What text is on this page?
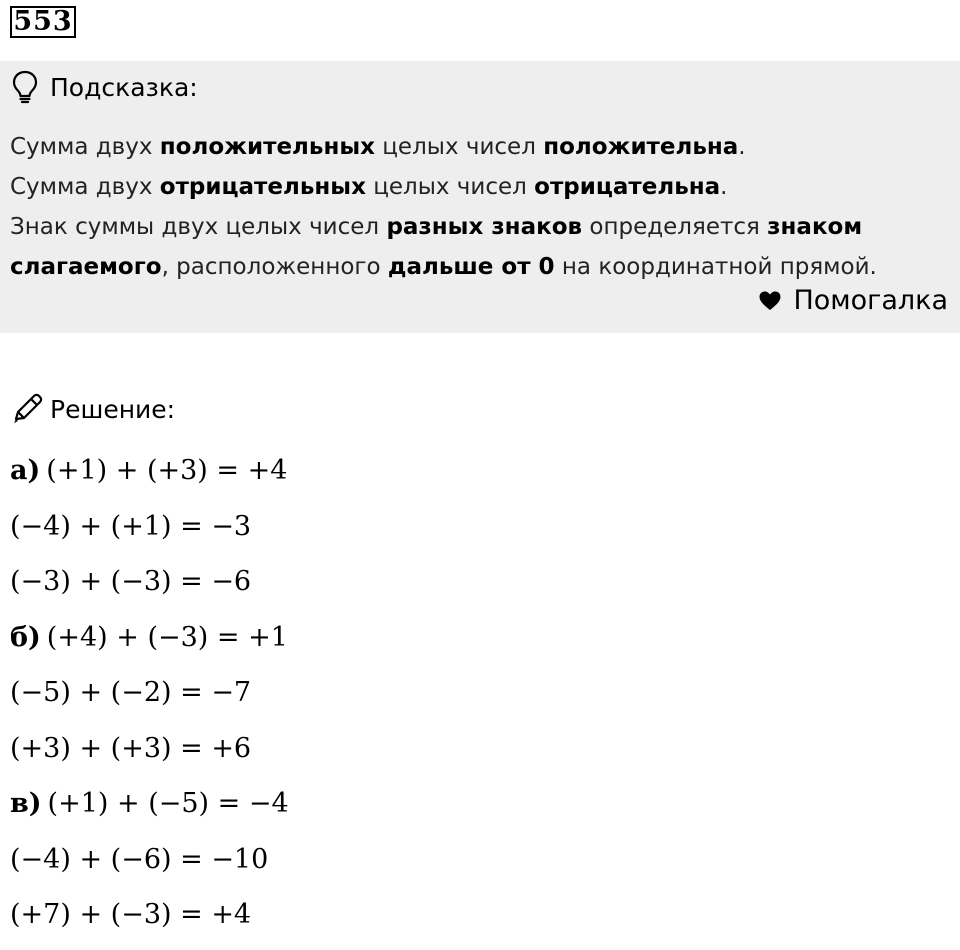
553
Подсказка:
Сумма двух положительных целых чисел положительна.
Сумма двух отрицательных целых чисел отрицательна.
Знак суммы двух целых чисел разных знаков определяется знаком
слагаемого, расположенного дальше от 0 на координатной прямой.
Помогалка
Решение:
а) (+1) + (+3) = +4
(−4) + (+1) = −3
(−3) + (−3) = −6
б) (+4) + (−3) = +1
(−5) + (−2) = −7
(+3) + (+3) = +6
в) (+1) + (−5) = −4
(−4) + (−6) = −10
(+7) + (−3) = +4
